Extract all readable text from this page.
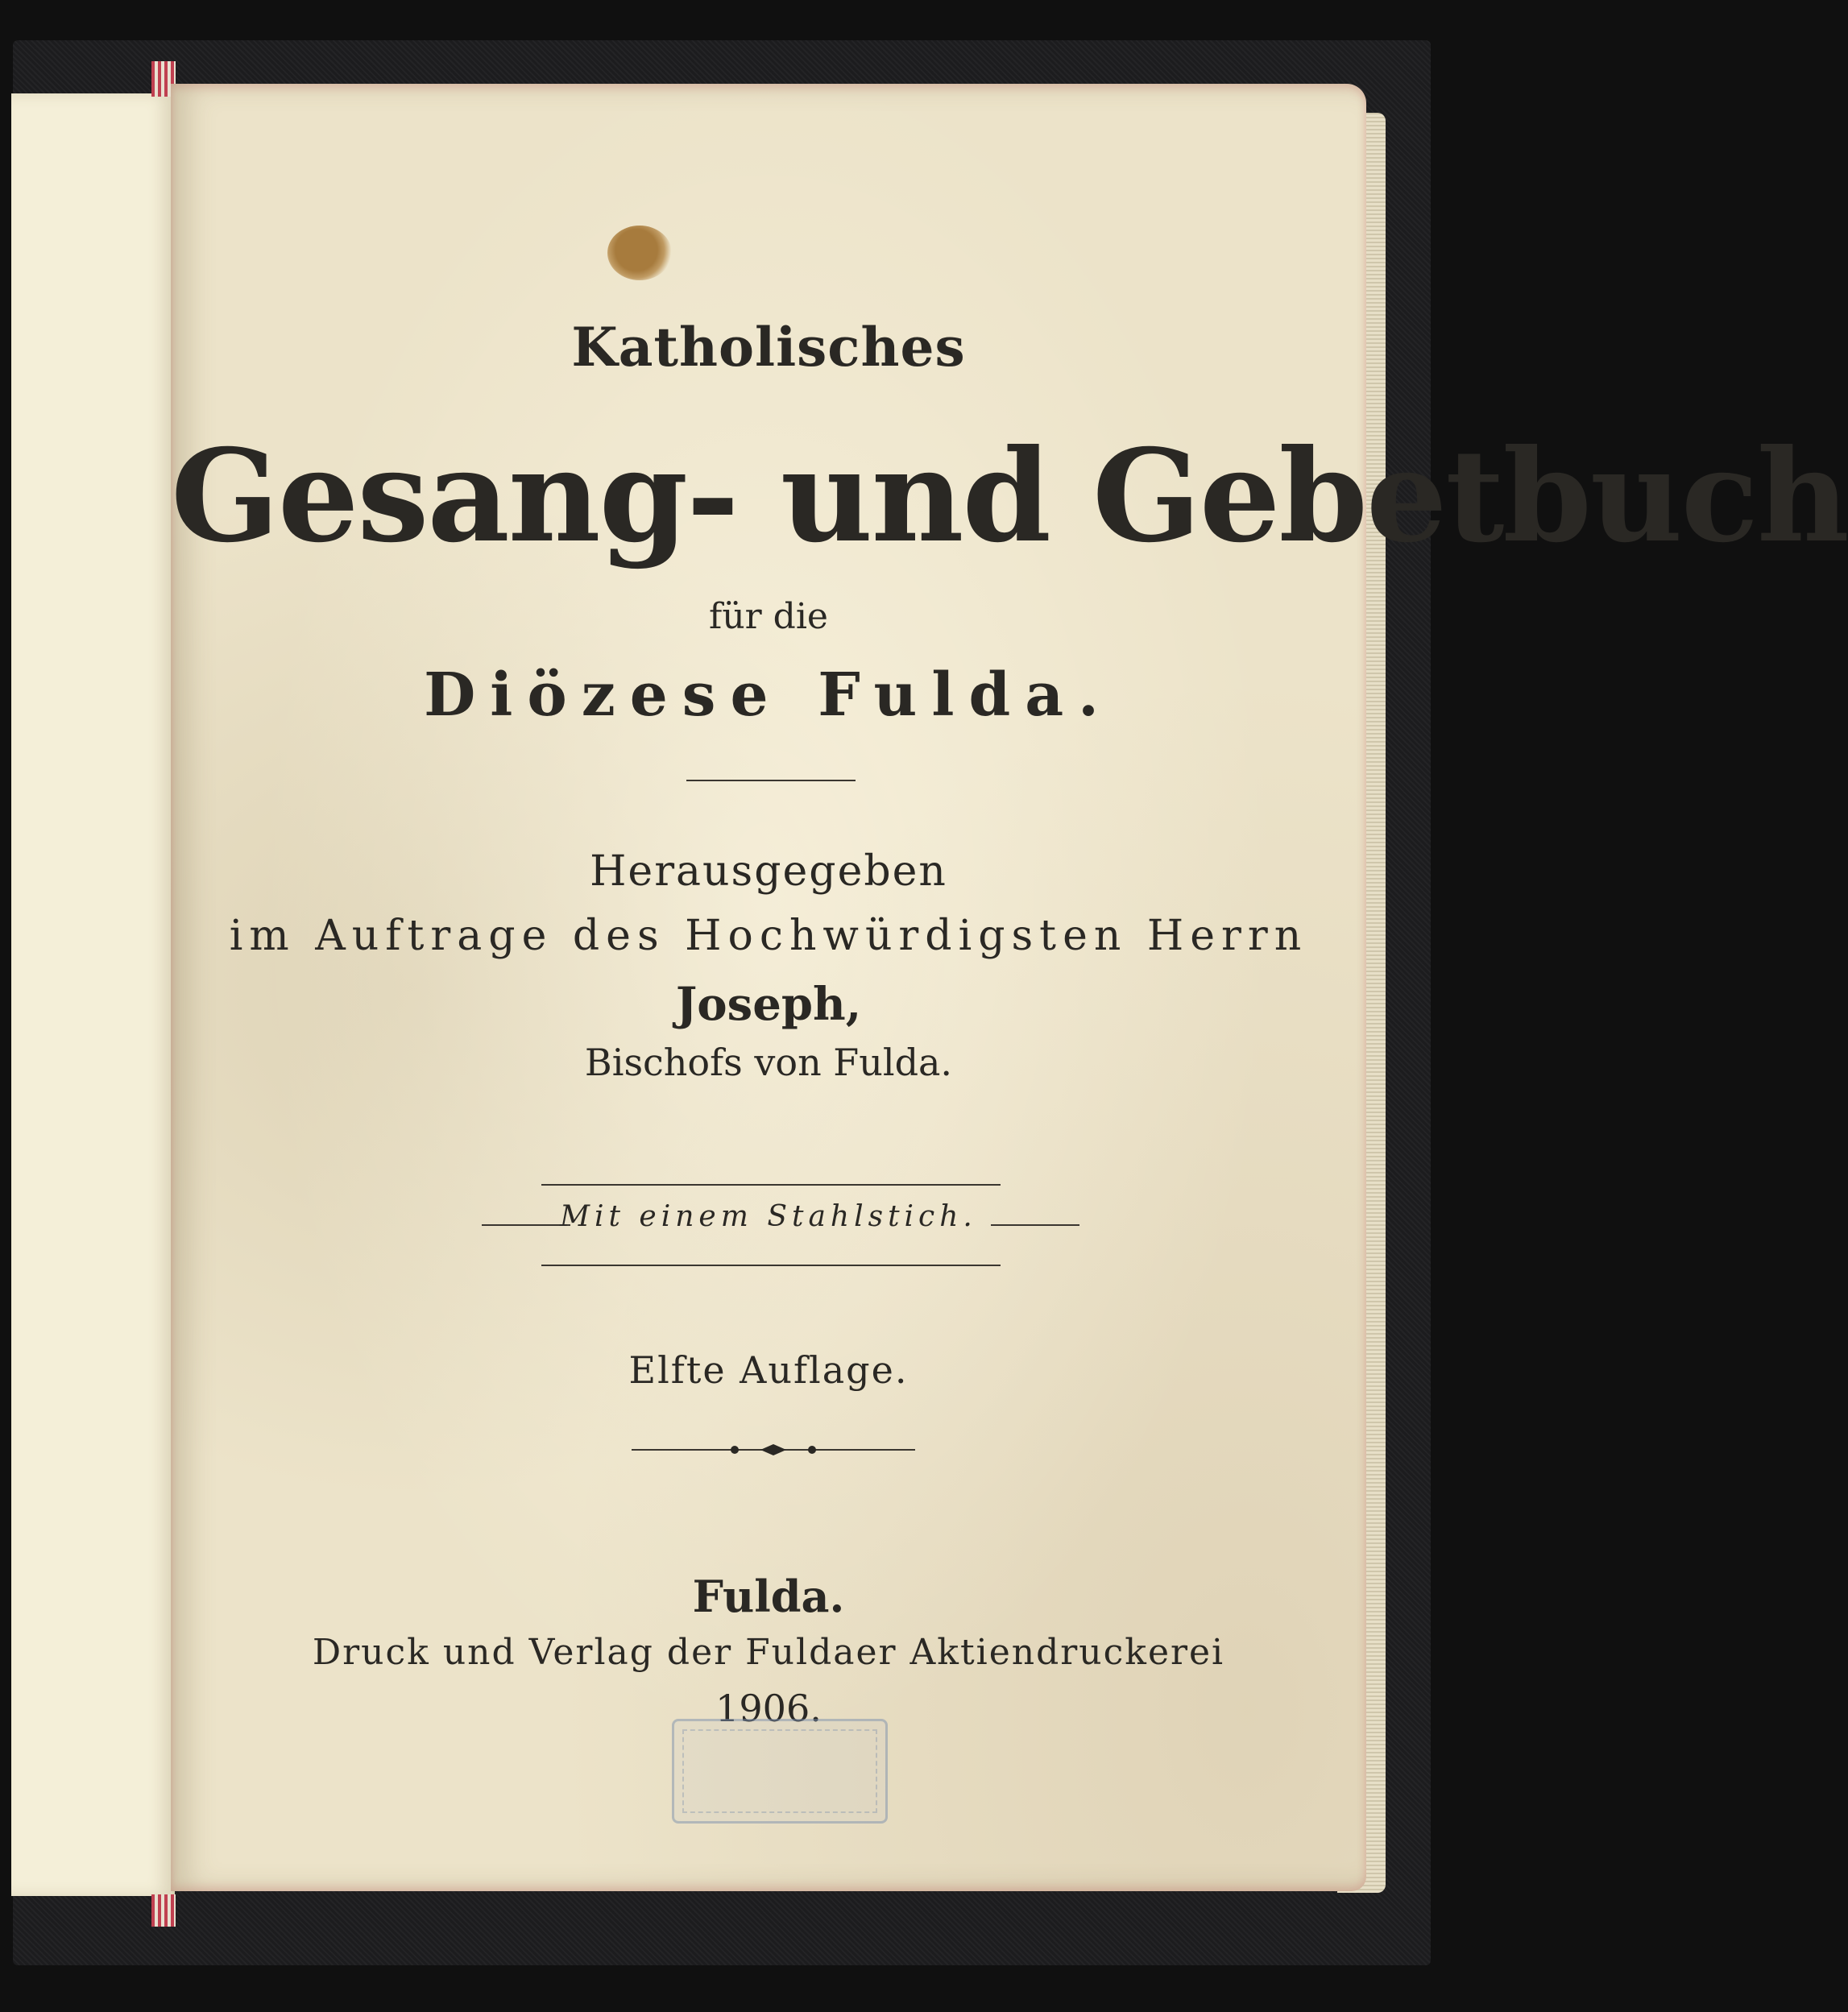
Katholisches
Gesang- und Gebetbuch
für die
Diözese Fulda.
Herausgegeben
im Auftrage des Hochwürdigsten Herrn
Joseph,
Bischofs von Fulda.
Mit einem Stahlstich.
Elfte Auflage.
Fulda.
Druck und Verlag der Fuldaer Aktiendruckerei
1906.
